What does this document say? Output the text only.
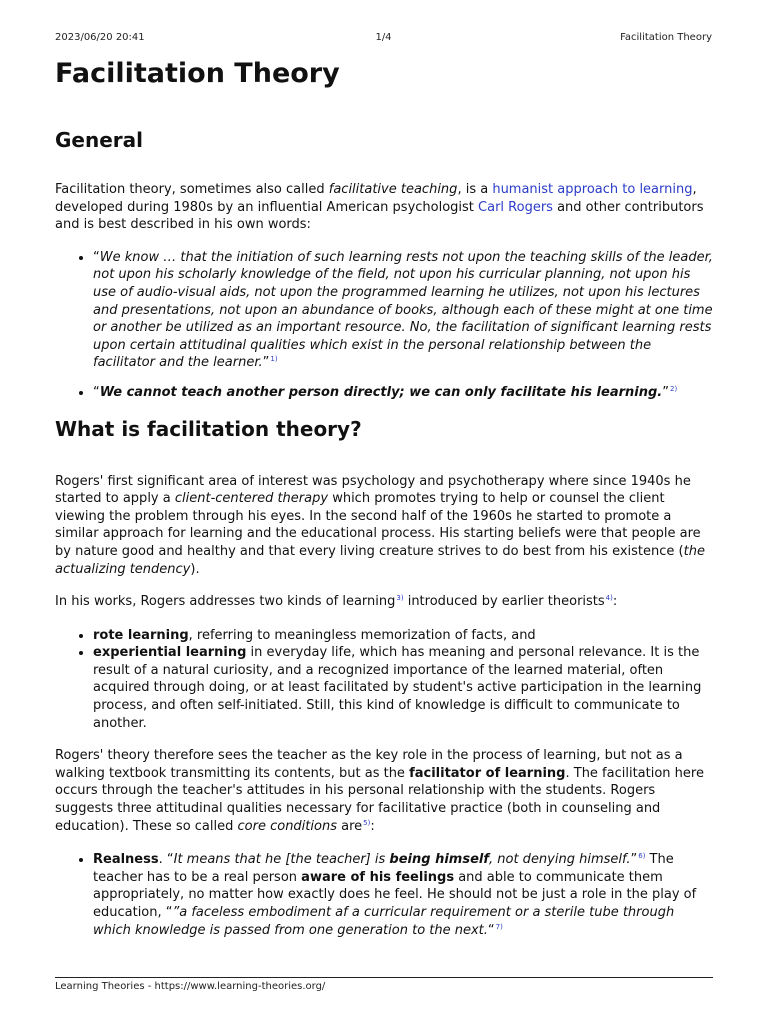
2023/06/20 20:41	1/4	Facilitation Theory
Facilitation Theory
General

Facilitation theory, sometimes also called facilitative teaching, is a humanist approach to learning, developed during 1980s by an influential American psychologist Carl Rogers and other contributors and is best described in his own words:

• “We know … that the initiation of such learning rests not upon the teaching skills of the leader, not upon his scholarly knowledge of the field, not upon his curricular planning, not upon his use of audio-visual aids, not upon the programmed learning he utilizes, not upon his lectures and presentations, not upon an abundance of books, although each of these might at one time or another be utilized as an important resource. No, the facilitation of significant learning rests upon certain attitudinal qualities which exist in the personal relationship between the facilitator and the learner.”$^{1)}$
• “We cannot teach another person directly; we can only facilitate his learning.”$^{2)}$
What is facilitation theory?

Rogers' first significant area of interest was psychology and psychotherapy where since 1940s he started to apply a client-centered therapy which promotes trying to help or counsel the client viewing the problem through his eyes. In the second half of the 1960s he started to promote a similar approach for learning and the educational process. His starting beliefs were that people are by nature good and healthy and that every living creature strives to do best from his existence (the actualizing tendency).

In his works, Rogers addresses two kinds of learning$^{3)}$ introduced by earlier theorists$^{4)}$:

• rote learning, referring to meaningless memorization of facts, and
• experiential learning in everyday life, which has meaning and personal relevance. It is the result of a natural curiosity, and a recognized importance of the learned material, often acquired through doing, or at least facilitated by student's active participation in the learning process, and often self-initiated. Still, this kind of knowledge is difficult to communicate to another.

Rogers' theory therefore sees the teacher as the key role in the process of learning, but not as a walking textbook transmitting its contents, but as the facilitator of learning. The facilitation here occurs through the teacher's attitudes in his personal relationship with the students. Rogers suggests three attitudinal qualities necessary for facilitative practice (both in counseling and education). These so called core conditions are$^{5)}$:

• Realness. “It means that he [the teacher] is being himself, not denying himself.”$^{6)}$ The teacher has to be a real person aware of his feelings and able to communicate them appropriately, no matter how exactly does he feel. He should not be just a role in the play of education, “”a faceless embodiment af a curricular requirement or a sterile tube through which knowledge is passed from one generation to the next.“$^{7)}$
Learning Theories - https://www.learning-theories.org/
